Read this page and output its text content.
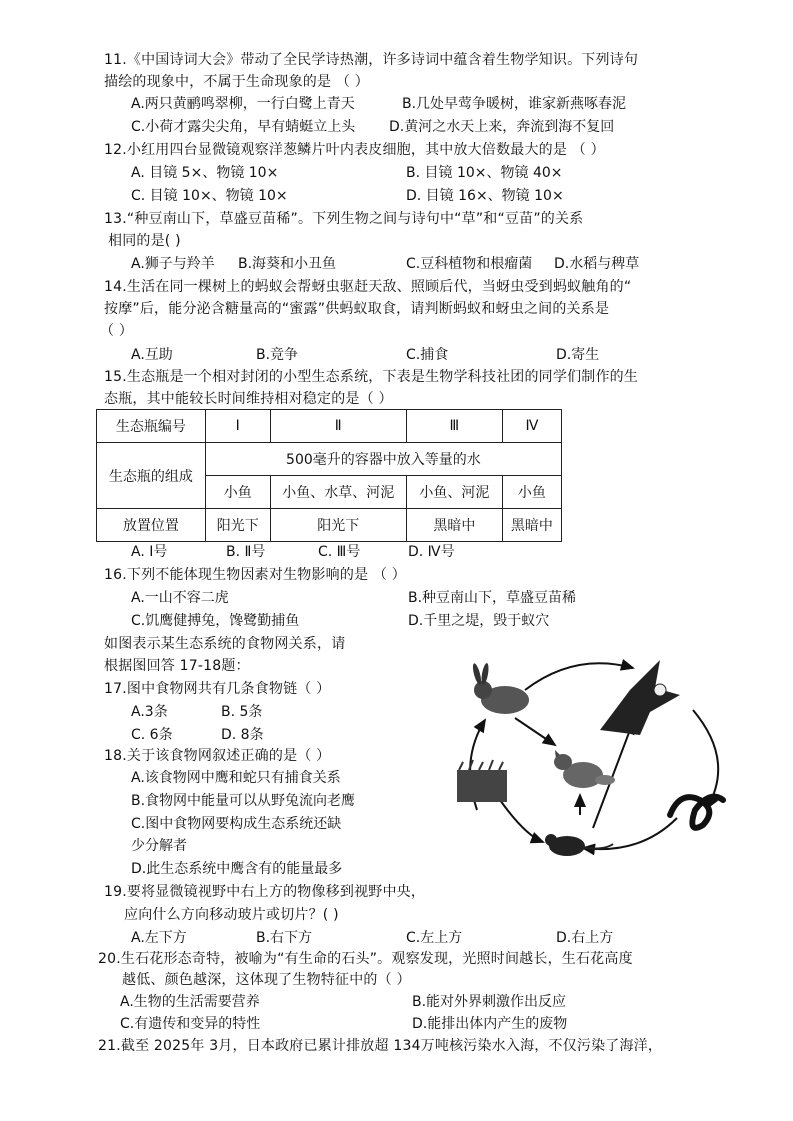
11.《中国诗词大会》带动了全民学诗热潮，许多诗词中蕴含着生物学知识。下列诗句
描绘的现象中，不属于生命现象的是 （ ）
A.两只黄鹂鸣翠柳，一行白鹭上青天	B.几处早莺争暖树，谁家新燕啄春泥
C.小荷才露尖尖角，早有蜻蜓立上头 D.黄河之水天上来，奔流到海不复回
12.小红用四台显微镜观察洋葱鳞片叶内表皮细胞，其中放大倍数最大的是 （ ）
A. 目镜 5×、物镜 10×	B. 目镜 10×、物镜 40×
C. 目镜 10×、物镜 10×	D. 目镜 16×、物镜 10×
13.“种豆南山下，草盛豆苗稀”。下列生物之间与诗句中“草”和“豆苗”的关系
相同的是( )
A.狮子与羚羊 B.海葵和小丑鱼	C.豆科植物和根瘤菌 D.水稻与稗草
14.生活在同一棵树上的蚂蚁会帮蚜虫驱赶天敌、照顾后代，当蚜虫受到蚂蚁触角的“
按摩”后，能分泌含糖量高的“蜜露”供蚂蚁取食，请判断蚂蚁和蚜虫之间的关系是
（ ）
A.互助	B.竞争	C.捕食	D.寄生
15.生态瓶是一个相对封闭的小型生态系统，下表是生物学科技社团的同学们制作的生
态瓶，其中能较长时间维持相对稳定的是（ ）
生态瓶编号	Ⅰ	Ⅱ	Ⅲ	Ⅳ
生态瓶的组成	500毫升的容器中放入等量的水			
	小鱼	小鱼、水草、河泥	小鱼、河泥	小鱼
放置位置	阳光下	阳光下	黑暗中	黑暗中
A. Ⅰ号	B. Ⅱ号	C. Ⅲ号	D. Ⅳ号
16.下列不能体现生物因素对生物影响的是 （ ）
A.一山不容二虎	B.种豆南山下，草盛豆苗稀
C.饥鹰健搏兔，馋鹭勤捕鱼	D.千里之堤，毁于蚁穴
如图表示某生态系统的食物网关系，请
根据图回答 17-18题：
17.图中食物网共有几条食物链（ ）
A.3条	B. 5条
C. 6条	D. 8条
18.关于该食物网叙述正确的是（ ）
A.该食物网中鹰和蛇只有捕食关系
B.食物网中能量可以从野兔流向老鹰
C.图中食物网要构成生态系统还缺
少分解者
D.此生态系统中鹰含有的能量最多
19.要将显微镜视野中右上方的物像移到视野中央，
应向什么方向移动玻片或切片？( )
A.左下方	B.右下方	C.左上方	D.右上方
20.生石花形态奇特，被喻为“有生命的石头”。观察发现，光照时间越长，生石花高度
越低、颜色越深，这体现了生物特征中的（ ）
A.生物的生活需要营养	B.能对外界刺激作出反应
C.有遗传和变异的特性	D.能排出体内产生的废物
21.截至 2025年 3月，日本政府已累计排放超 134万吨核污染水入海，不仅污染了海洋，
